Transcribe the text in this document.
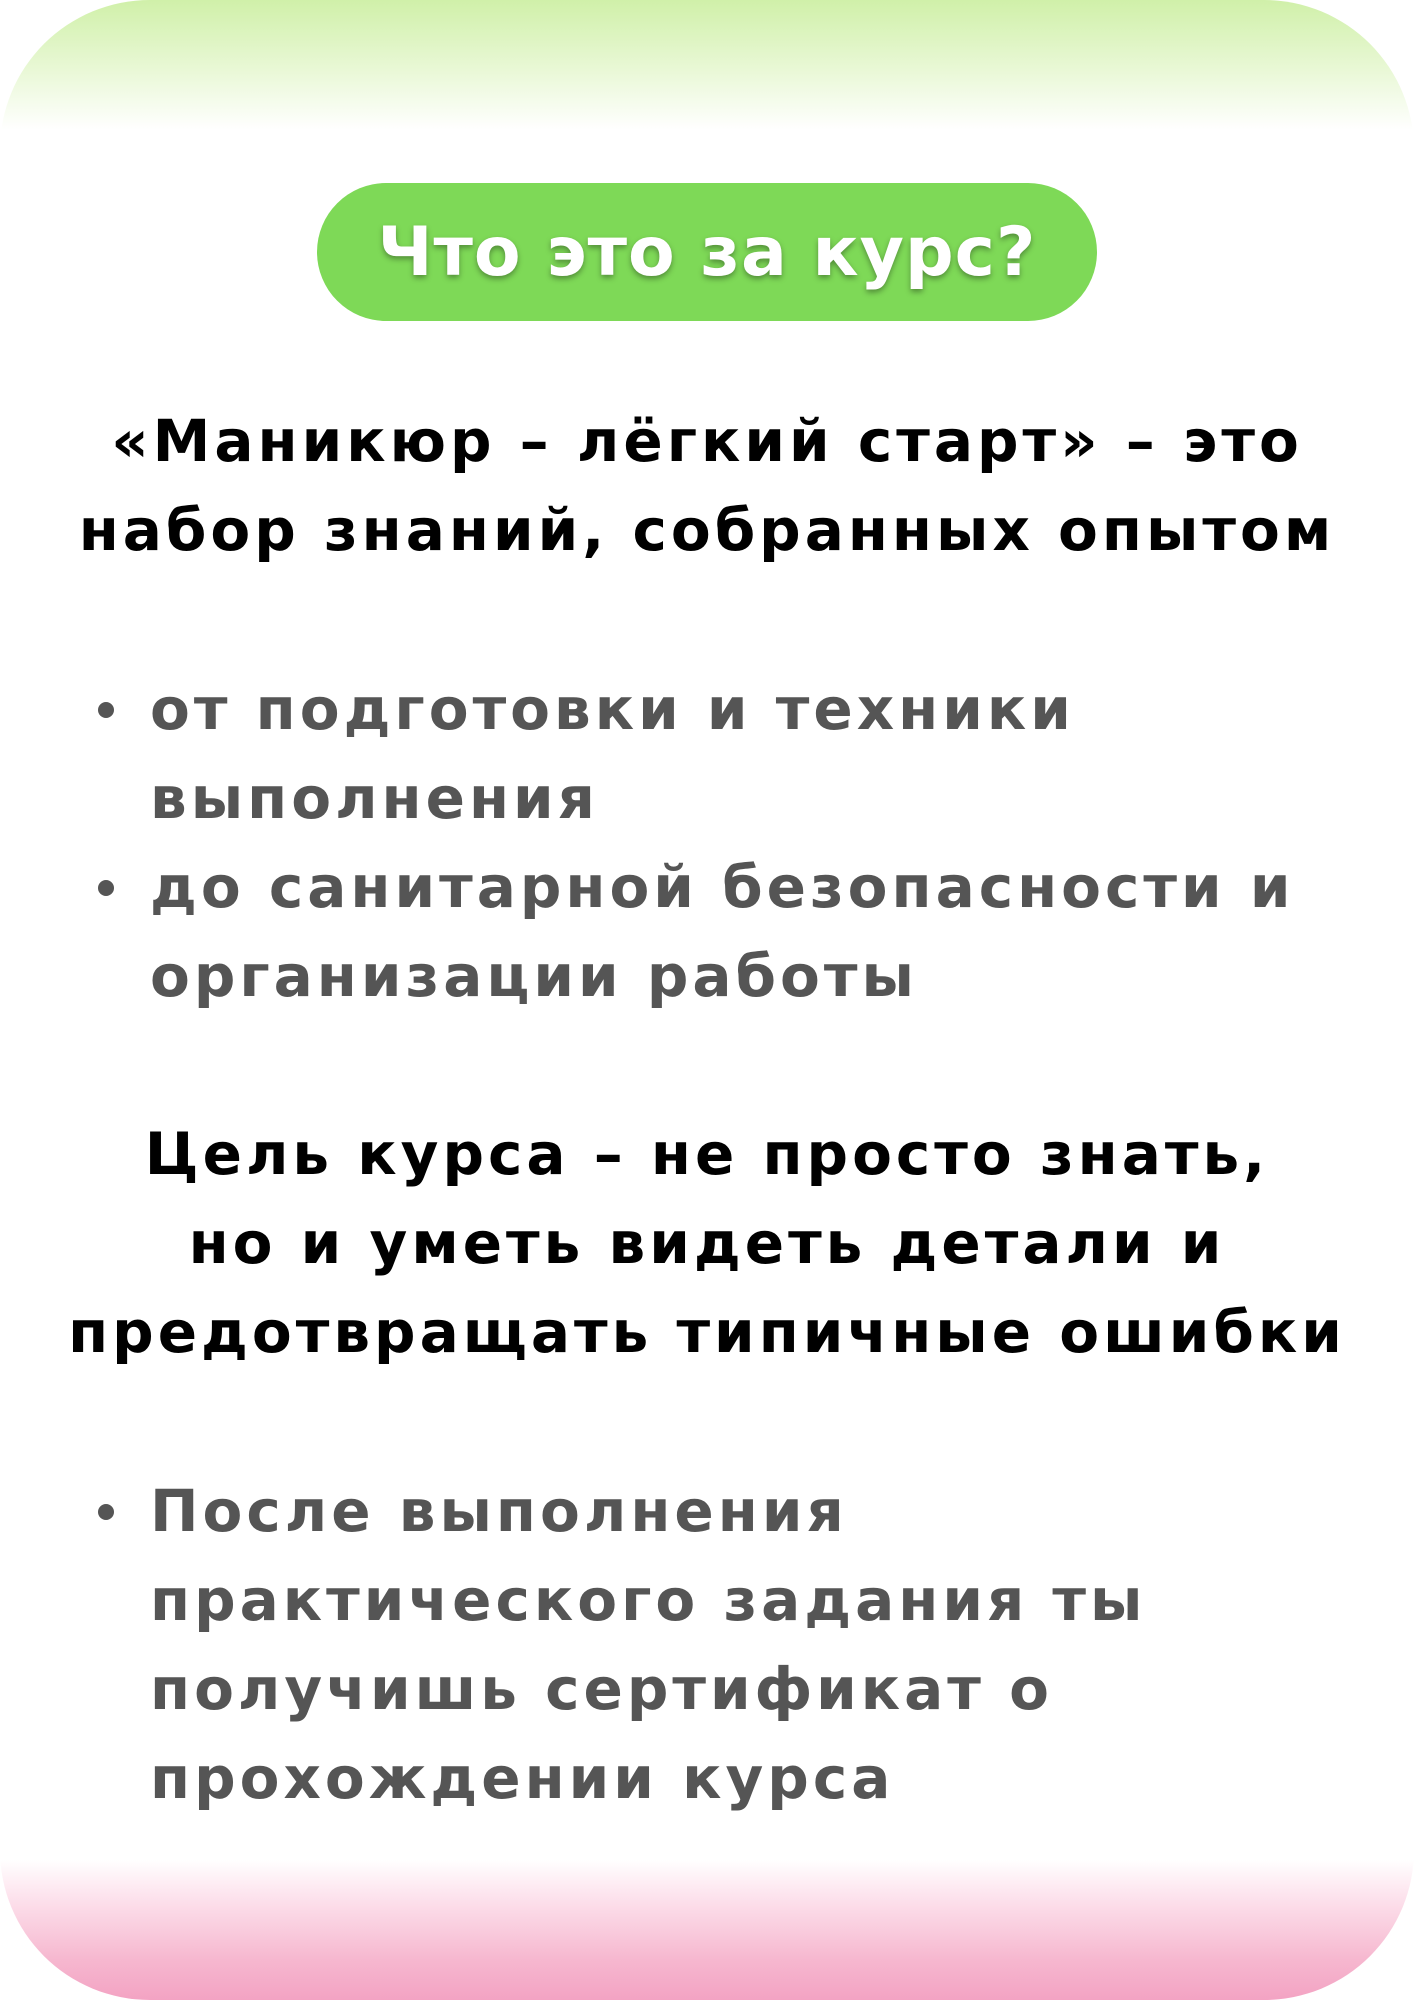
Что это за курс?
«Маникюр – лёгкий старт» – это
набор знаний, собранных опытом
от подготовки и техники
выполнения
до санитарной безопасности и
организации работы
Цель курса – не просто знать,
но и уметь видеть детали и
предотвращать типичные ошибки
После выполнения
практического задания ты
получишь сертификат о
прохождении курса
